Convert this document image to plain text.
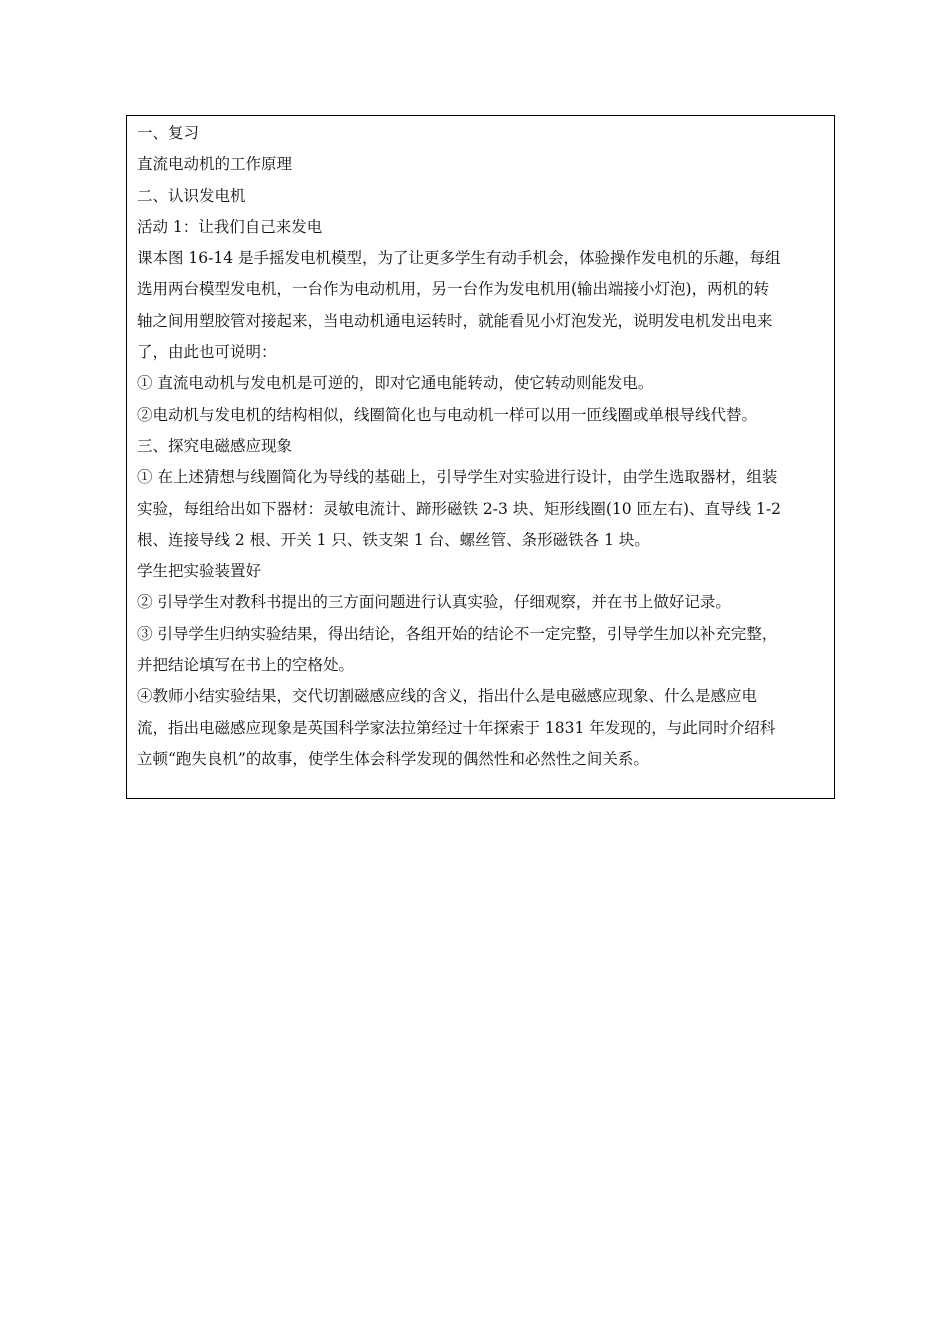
一、复习
直流电动机的工作原理
二、认识发电机
活动 1：让我们自己来发电
课本图 16-14 是手摇发电机模型，为了让更多学生有动手机会，体验操作发电机的乐趣，每组
选用两台模型发电机，一台作为电动机用，另一台作为发电机用(输出端接小灯泡)，两机的转
轴之间用塑胶管对接起来，当电动机通电运转时，就能看见小灯泡发光，说明发电机发出电来
了，由此也可说明：
① 直流电动机与发电机是可逆的，即对它通电能转动，使它转动则能发电。
②电动机与发电机的结构相似，线圈简化也与电动机一样可以用一匝线圈或单根导线代替。
三、探究电磁感应现象
① 在上述猜想与线圈简化为导线的基础上，引导学生对实验进行设计，由学生选取器材，组装
实验，每组给出如下器材：灵敏电流计、蹄形磁铁 2-3 块、矩形线圈(10 匝左右)、直导线 1-2
根、连接导线 2 根、开关 1 只、铁支架 1 台、螺丝管、条形磁铁各 1 块。
学生把实验装置好
② 引导学生对教科书提出的三方面问题进行认真实验，仔细观察，并在书上做好记录。
③ 引导学生归纳实验结果，得出结论，各组开始的结论不一定完整，引导学生加以补充完整，
并把结论填写在书上的空格处。
④教师小结实验结果，交代切割磁感应线的含义，指出什么是电磁感应现象、什么是感应电
流，指出电磁感应现象是英国科学家法拉第经过十年探索于 1831 年发现的，与此同时介绍科
立顿“跑失良机”的故事，使学生体会科学发现的偶然性和必然性之间关系。
